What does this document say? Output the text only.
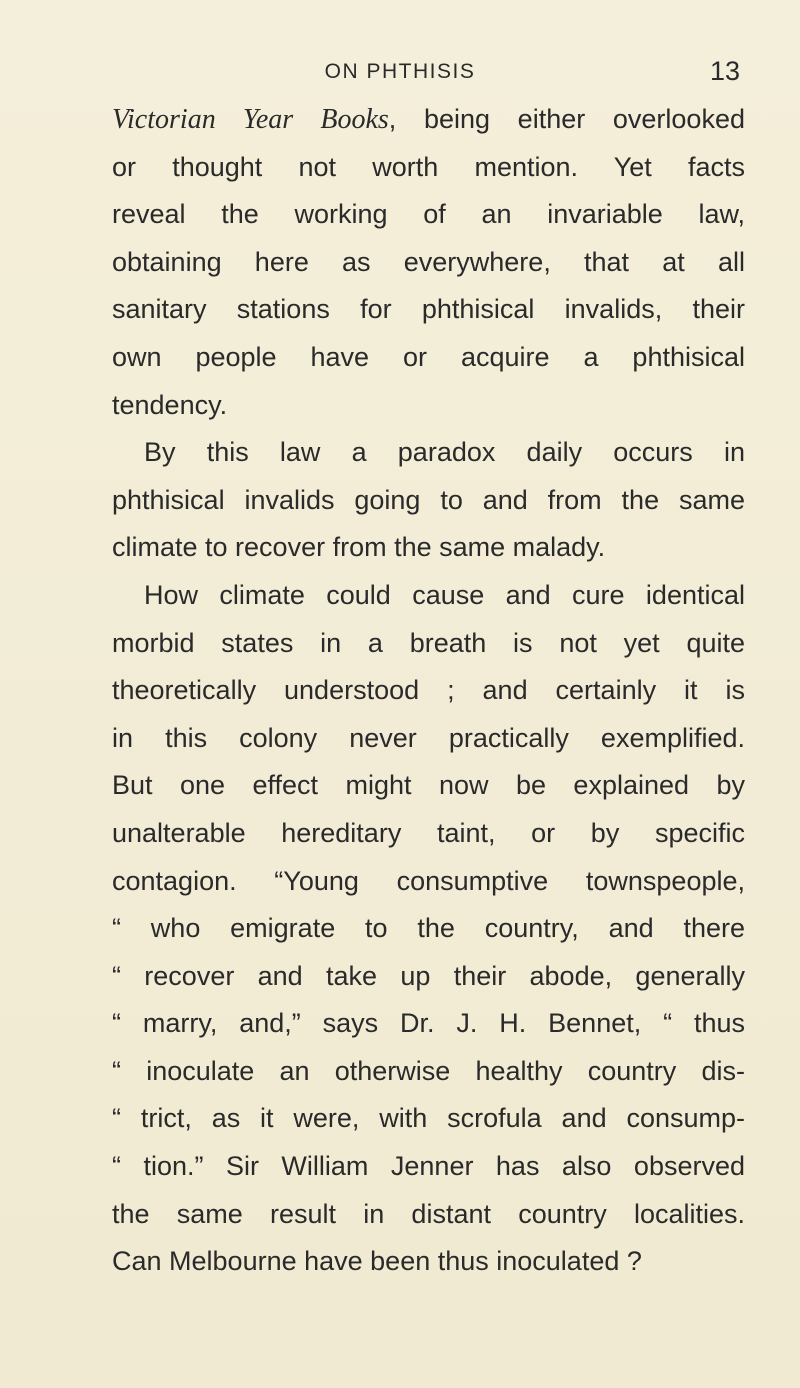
ON PHTHISIS	13
Victorian Year Books, being either overlooked
or thought not worth mention. Yet facts
reveal the working of an invariable law,
obtaining here as everywhere, that at all
sanitary stations for phthisical invalids, their
own people have or acquire a phthisical
tendency.
By this law a paradox daily occurs in
phthisical invalids going to and from the same
climate to recover from the same malady.
How climate could cause and cure identical
morbid states in a breath is not yet quite
theoretically understood ; and certainly it is
in this colony never practically exemplified.
But one effect might now be explained by
unalterable hereditary taint, or by specific
contagion. “Young consumptive townspeople,
“ who emigrate to the country, and there
“ recover and take up their abode, generally
“ marry, and,” says Dr. J. H. Bennet, “ thus
“ inoculate an otherwise healthy country dis-
“ trict, as it were, with scrofula and consump-
“ tion.” Sir William Jenner has also observed
the same result in distant country localities.
Can Melbourne have been thus inoculated ?
